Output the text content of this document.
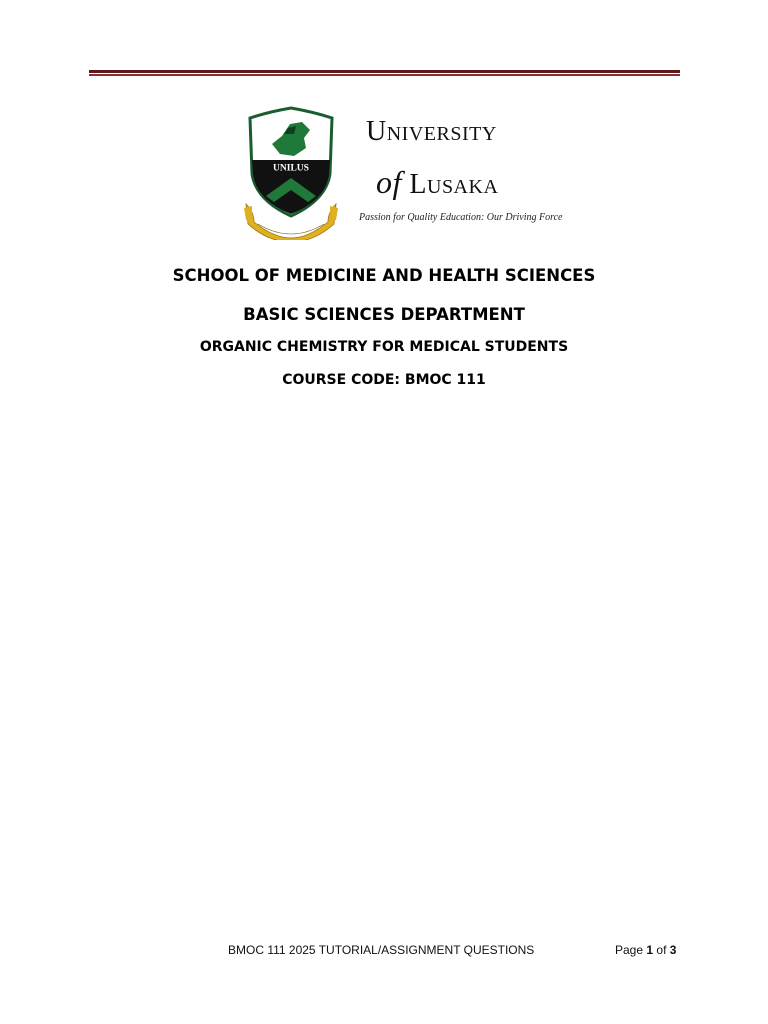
UNILUS
University
of Lusaka
Passion for Quality Education: Our Driving Force
SCHOOL OF MEDICINE AND HEALTH SCIENCES
BASIC SCIENCES DEPARTMENT
ORGANIC CHEMISTRY FOR MEDICAL STUDENTS
COURSE CODE: BMOC 111
BMOC 111 2025 TUTORIAL/ASSIGNMENT QUESTIONS	Page 1 of 3
